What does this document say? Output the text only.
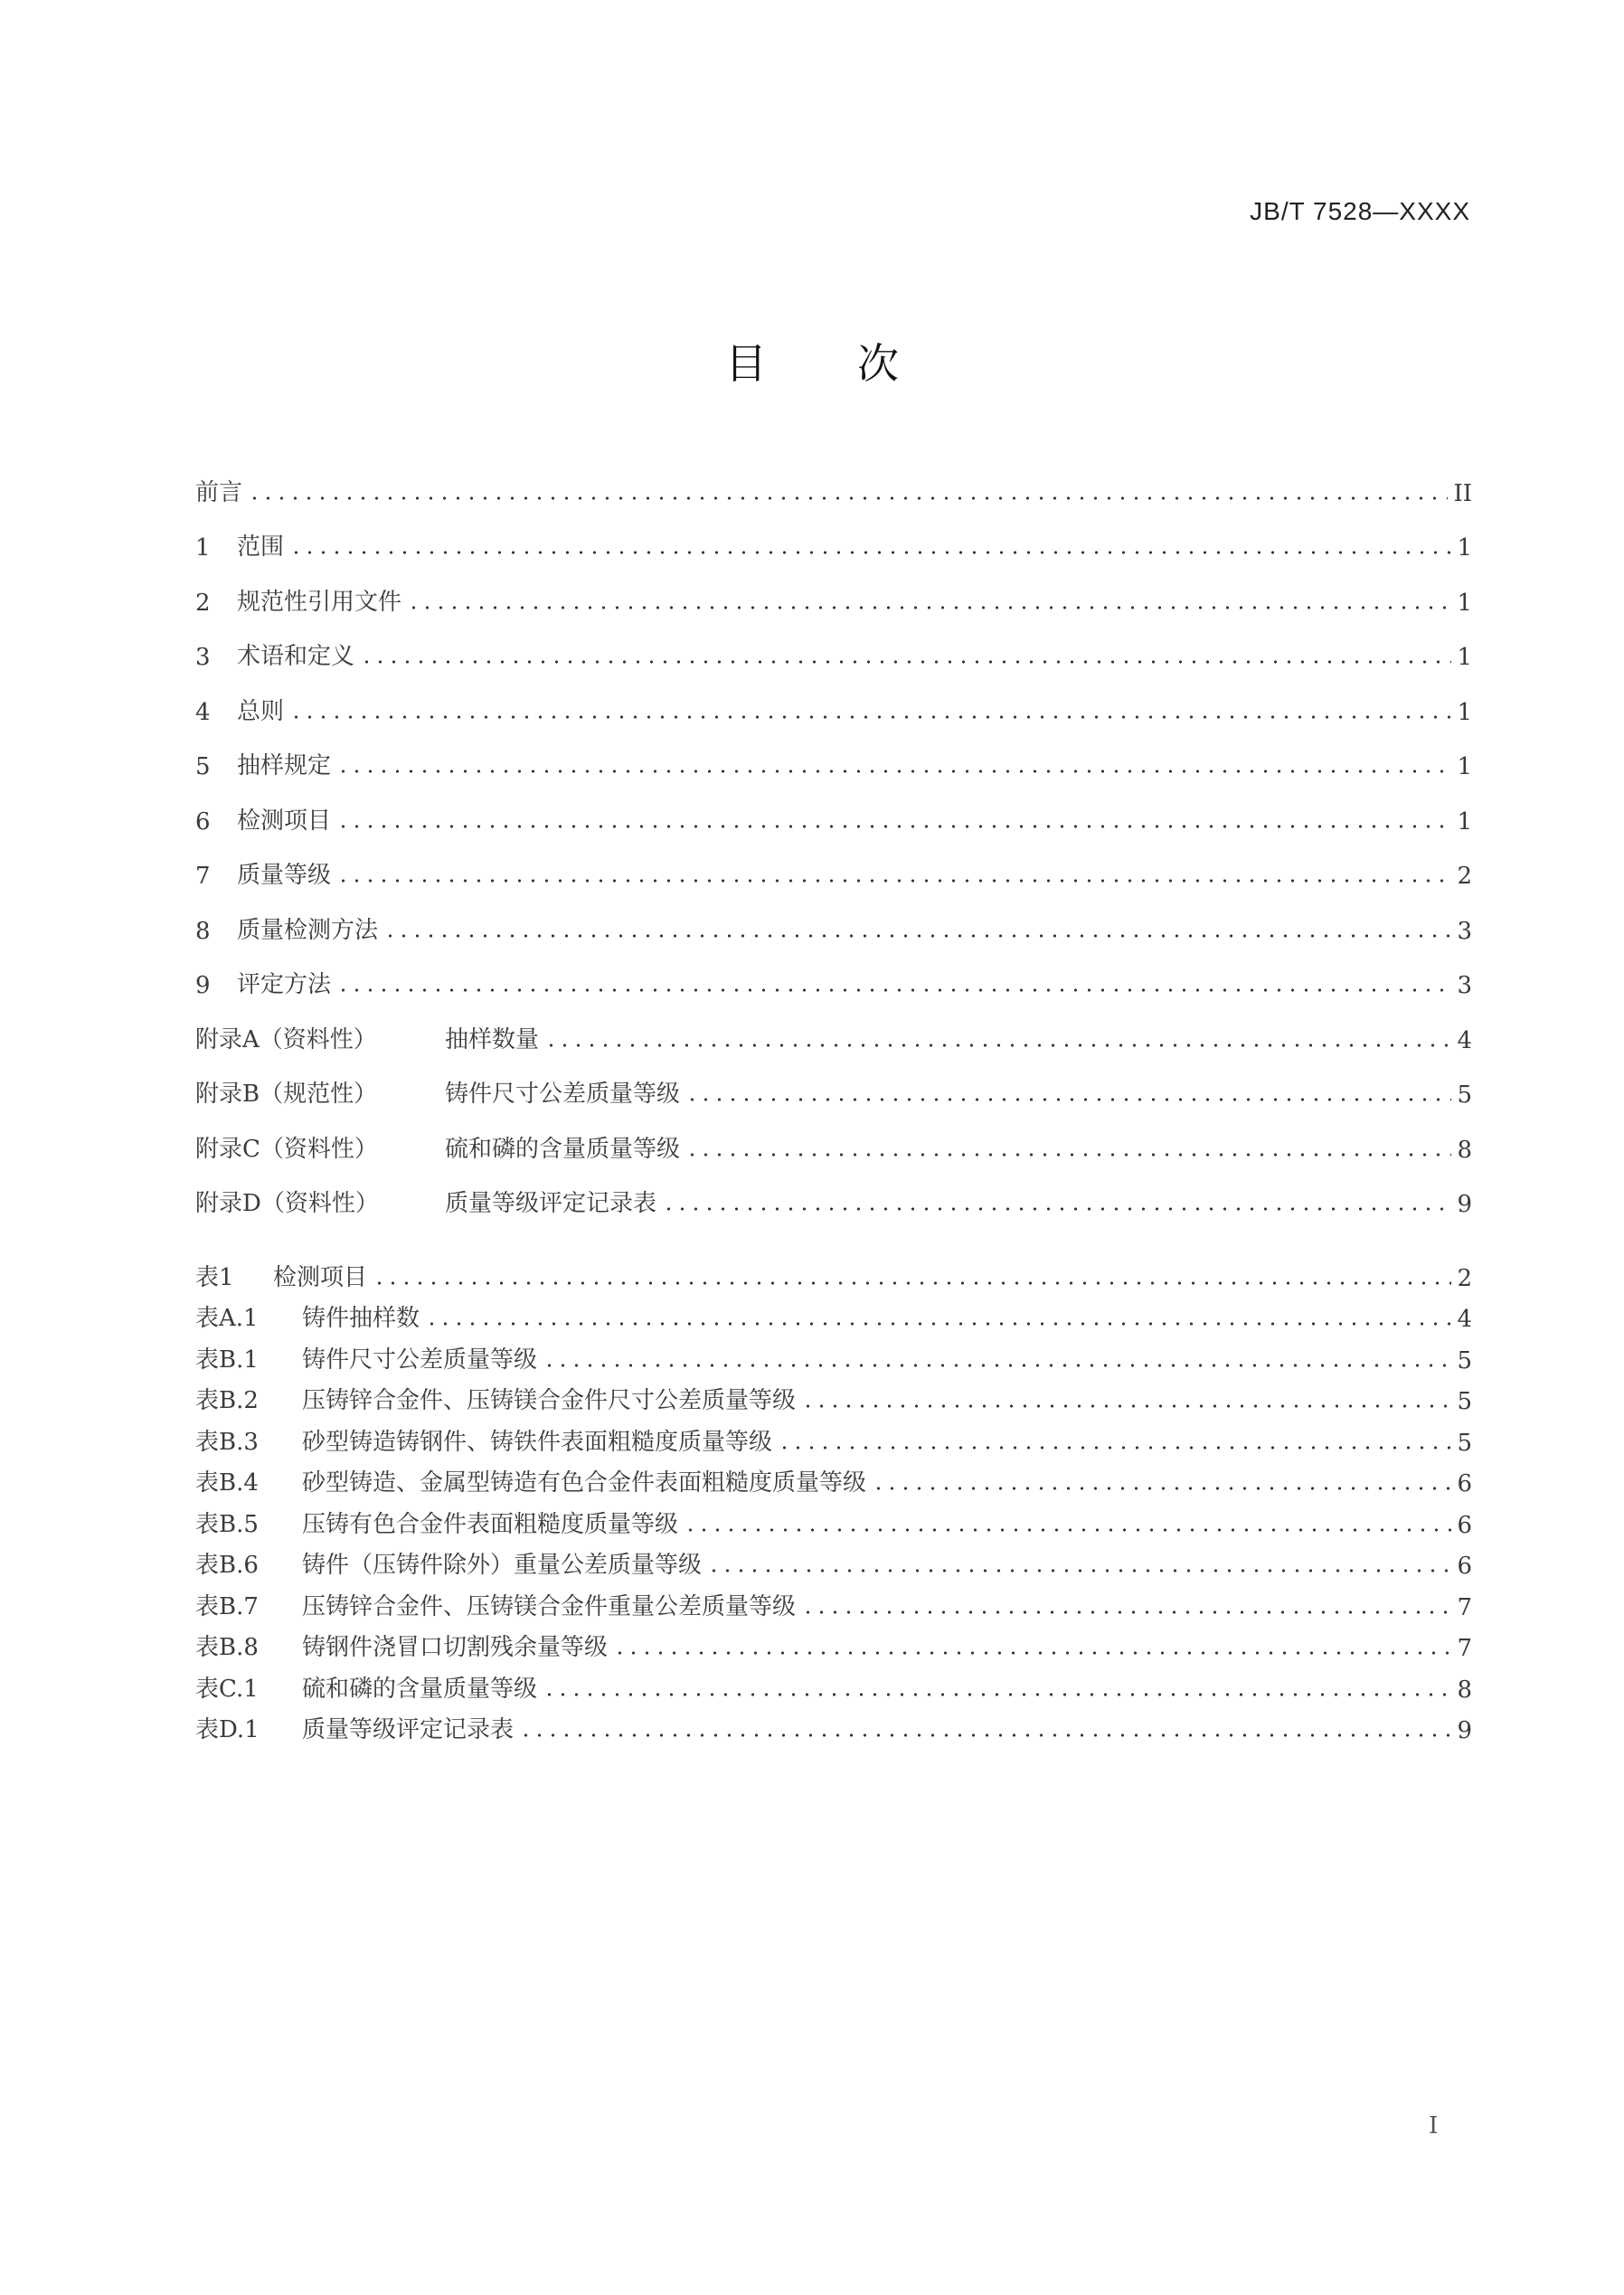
JB/T 7528—XXXX
目次
前言	II
1	范围	1
2	规范性引用文件	1
3	术语和定义	1
4	总则	1
5	抽样规定	1
6	检测项目	1
7	质量等级	2
8	质量检测方法	3
9	评定方法	3
附录A（资料性）	抽样数量	4
附录B（规范性）	铸件尺寸公差质量等级	5
附录C（资料性）	硫和磷的含量质量等级	8
附录D（资料性）	质量等级评定记录表	9
表1	检测项目	2
表A.1	铸件抽样数	4
表B.1	铸件尺寸公差质量等级	5
表B.2	压铸锌合金件、压铸镁合金件尺寸公差质量等级	5
表B.3	砂型铸造铸钢件、铸铁件表面粗糙度质量等级	5
表B.4	砂型铸造、金属型铸造有色合金件表面粗糙度质量等级	6
表B.5	压铸有色合金件表面粗糙度质量等级	6
表B.6	铸件（压铸件除外）重量公差质量等级	6
表B.7	压铸锌合金件、压铸镁合金件重量公差质量等级	7
表B.8	铸钢件浇冒口切割残余量等级	7
表C.1	硫和磷的含量质量等级	8
表D.1	质量等级评定记录表	9
I
